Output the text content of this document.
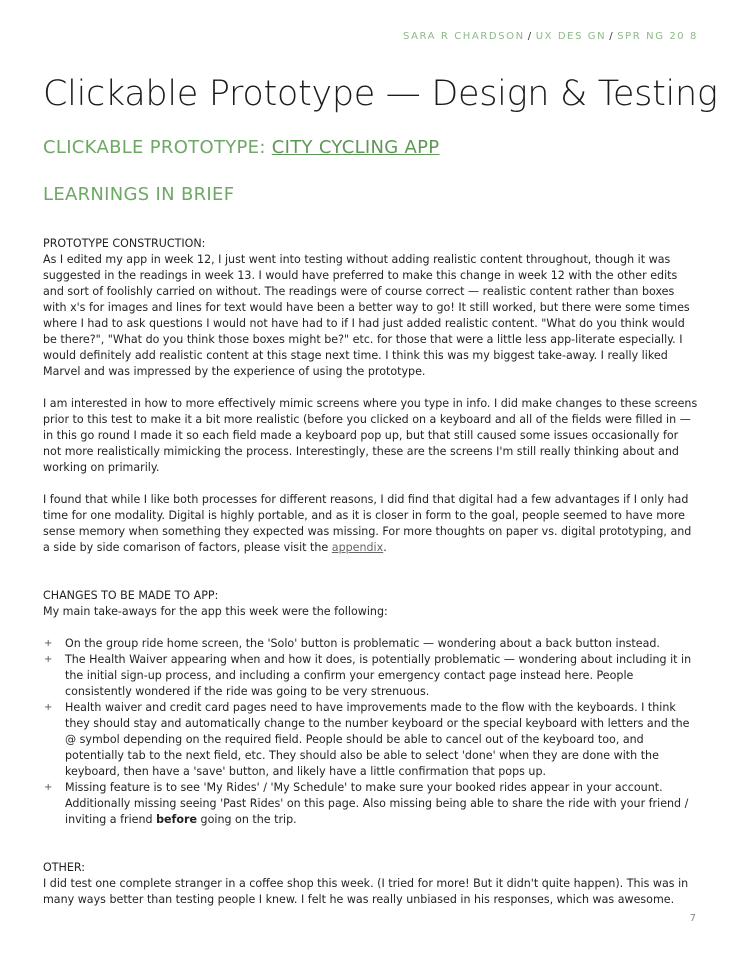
SARA R CHARDSON / UX DES GN / SPR NG 20 8
Clickable Prototype — Design & Testing
CLICKABLE PROTOTYPE: CITY CYCLING APP
LEARNINGS IN BRIEF

PROTOTYPE CONSTRUCTION:
As I edited my app in week 12, I just went into testing without adding realistic content throughout, though it was suggested in the readings in week 13. I would have preferred to make this change in week 12 with the other edits and sort of foolishly carried on without. The readings were of course correct — realistic content rather than boxes with x's for images and lines for text would have been a better way to go! It still worked, but there were some times where I had to ask questions I would not have had to if I had just added realistic content. "What do you think would be there?", "What do you think those boxes might be?" etc. for those that were a little less app-literate especially. I would definitely add realistic content at this stage next time. I think this was my biggest take-away. I really liked Marvel and was impressed by the experience of using the prototype.

I am interested in how to more effectively mimic screens where you type in info. I did make changes to these screens prior to this test to make it a bit more realistic (before you clicked on a keyboard and all of the fields were filled in — in this go round I made it so each field made a keyboard pop up, but that still caused some issues occasionally for not more realistically mimicking the process. Interestingly, these are the screens I'm still really thinking about and working on primarily.

I found that while I like both processes for different reasons, I did find that digital had a few advantages if I only had time for one modality. Digital is highly portable, and as it is closer in form to the goal, people seemed to have more sense memory when something they expected was missing. For more thoughts on paper vs. digital prototyping, and a side by side comarison of factors, please visit the appendix.

CHANGES TO BE MADE TO APP:
My main take-aways for the app this week were the following:

+ On the group ride home screen, the 'Solo' button is problematic — wondering about a back button instead.
+ The Health Waiver appearing when and how it does, is potentially problematic — wondering about including it in the initial sign-up process, and including a confirm your emergency contact page instead here. People consistently wondered if the ride was going to be very strenuous.
+ Health waiver and credit card pages need to have improvements made to the flow with the keyboards. I think they should stay and automatically change to the number keyboard or the special keyboard with letters and the @ symbol depending on the required field. People should be able to cancel out of the keyboard too, and potentially tab to the next field, etc. They should also be able to select 'done' when they are done with the keyboard, then have a 'save' button, and likely have a little confirmation that pops up.
+ Missing feature is to see 'My Rides' / 'My Schedule' to make sure your booked rides appear in your account. Additionally missing seeing 'Past Rides' on this page. Also missing being able to share the ride with your friend / inviting a friend before going on the trip.

OTHER:
I did test one complete stranger in a coffee shop this week. (I tried for more! But it didn't quite happen). This was in many ways better than testing people I knew. I felt he was really unbiased in his responses, which was awesome.

7
